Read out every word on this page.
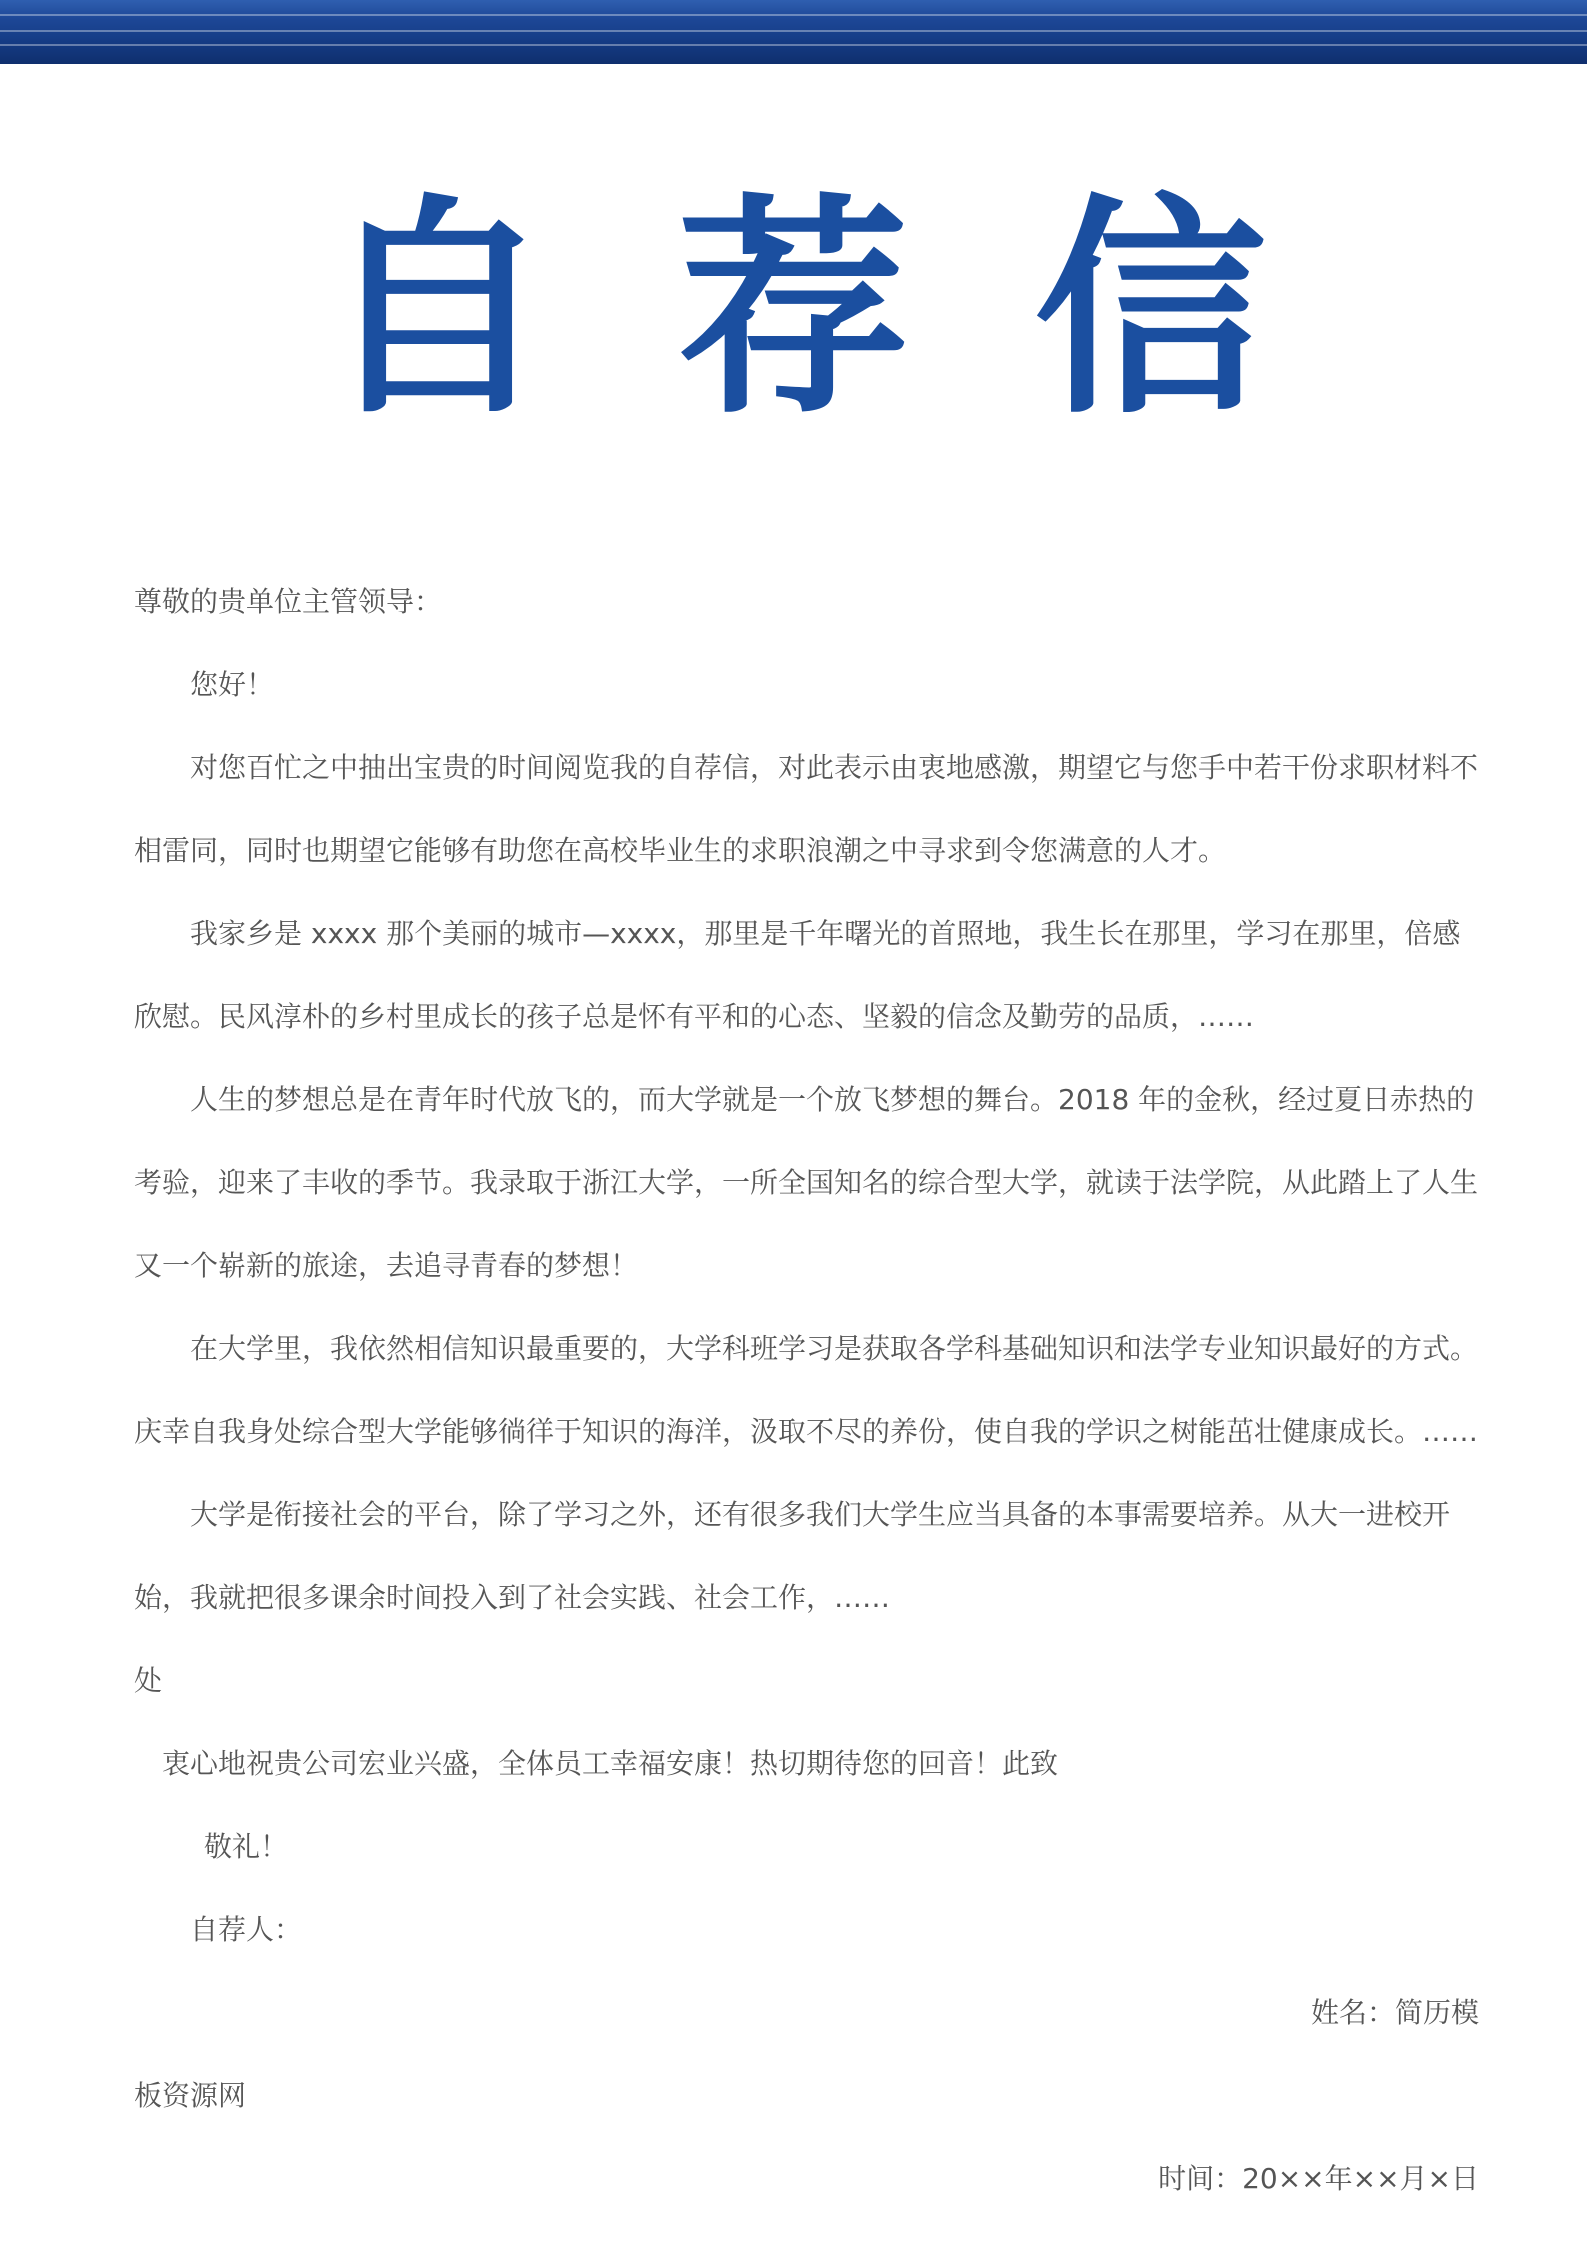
自荐信

尊敬的贵单位主管领导：

您好！

对您百忙之中抽出宝贵的时间阅览我的自荐信，对此表示由衷地感激，期望它与您手中若干份求职材料不相雷同，同时也期望它能够有助您在高校毕业生的求职浪潮之中寻求到令您满意的人才。

我家乡是 xxxx 那个美丽的城市—xxxx，那里是千年曙光的首照地，我生长在那里，学习在那里，倍感欣慰。民风淳朴的乡村里成长的孩子总是怀有平和的心态、坚毅的信念及勤劳的品质，……

人生的梦想总是在青年时代放飞的，而大学就是一个放飞梦想的舞台。2018 年的金秋，经过夏日赤热的考验，迎来了丰收的季节。我录取于浙江大学，一所全国知名的综合型大学，就读于法学院，从此踏上了人生又一个崭新的旅途，去追寻青春的梦想！

在大学里，我依然相信知识最重要的，大学科班学习是获取各学科基础知识和法学专业知识最好的方式。庆幸自我身处综合型大学能够徜徉于知识的海洋，汲取不尽的养份，使自我的学识之树能茁壮健康成长。……

大学是衔接社会的平台，除了学习之外，还有很多我们大学生应当具备的本事需要培养。从大一进校开始，我就把很多课余时间投入到了社会实践、社会工作，……

处

衷心地祝贵公司宏业兴盛，全体员工幸福安康！热切期待您的回音！此致

敬礼！

自荐人：

姓名：简历模

板资源网

时间：20××年××月×日
